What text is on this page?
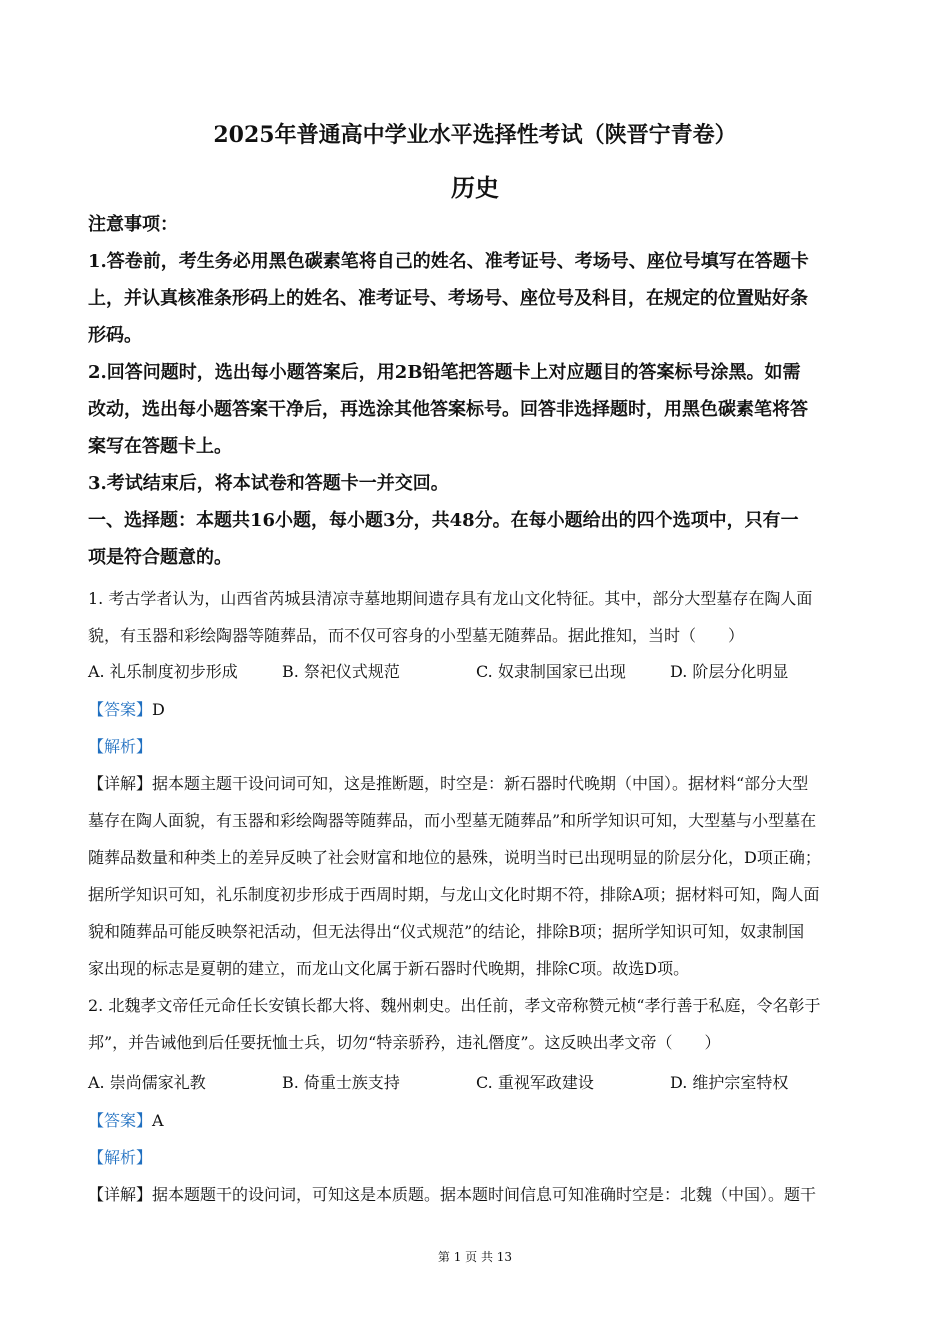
2025年普通高中学业水平选择性考试（陕晋宁青卷）
历史
注意事项：
1.答卷前，考生务必用黑色碳素笔将自己的姓名、准考证号、考场号、座位号填写在答题卡
上，并认真核准条形码上的姓名、准考证号、考场号、座位号及科目，在规定的位置贴好条
形码。
2.回答问题时，选出每小题答案后，用2B铅笔把答题卡上对应题目的答案标号涂黑。如需
改动，选出每小题答案干净后，再选涂其他答案标号。回答非选择题时，用黑色碳素笔将答
案写在答题卡上。
3.考试结束后，将本试卷和答题卡一并交回。
一、选择题：本题共16小题，每小题3分，共48分。在每小题给出的四个选项中，只有一
项是符合题意的。
1. 考古学者认为，山西省芮城县清凉寺墓地期间遗存具有龙山文化特征。其中，部分大型墓存在陶人面
貌，有玉器和彩绘陶器等随葬品，而不仅可容身的小型墓无随葬品。据此推知，当时（　　）
A. 礼乐制度初步形成	B. 祭祀仪式规范	C. 奴隶制国家已出现	D. 阶层分化明显
【答案】D
【解析】
【详解】据本题主题干设问词可知，这是推断题，时空是：新石器时代晚期（中国）。据材料“部分大型
墓存在陶人面貌，有玉器和彩绘陶器等随葬品，而小型墓无随葬品”和所学知识可知，大型墓与小型墓在
随葬品数量和种类上的差异反映了社会财富和地位的悬殊，说明当时已出现明显的阶层分化，D项正确；
据所学知识可知，礼乐制度初步形成于西周时期，与龙山文化时期不符，排除A项；据材料可知，陶人面
貌和随葬品可能反映祭祀活动，但无法得出“仪式规范”的结论，排除B项；据所学知识可知，奴隶制国
家出现的标志是夏朝的建立，而龙山文化属于新石器时代晚期，排除C项。故选D项。
2. 北魏孝文帝任元命任长安镇长都大将、魏州刺史。出任前，孝文帝称赞元桢“孝行善于私庭，令名彰于
邦”，并告诫他到后任要抚恤士兵，切勿“特亲骄矜，违礼僭度”。这反映出孝文帝（　　）
A. 崇尚儒家礼教	B. 倚重士族支持	C. 重视军政建设	D. 维护宗室特权
【答案】A
【解析】
【详解】据本题题干的设问词，可知这是本质题。据本题时间信息可知准确时空是：北魏（中国）。题干
第 1 页 共 13
